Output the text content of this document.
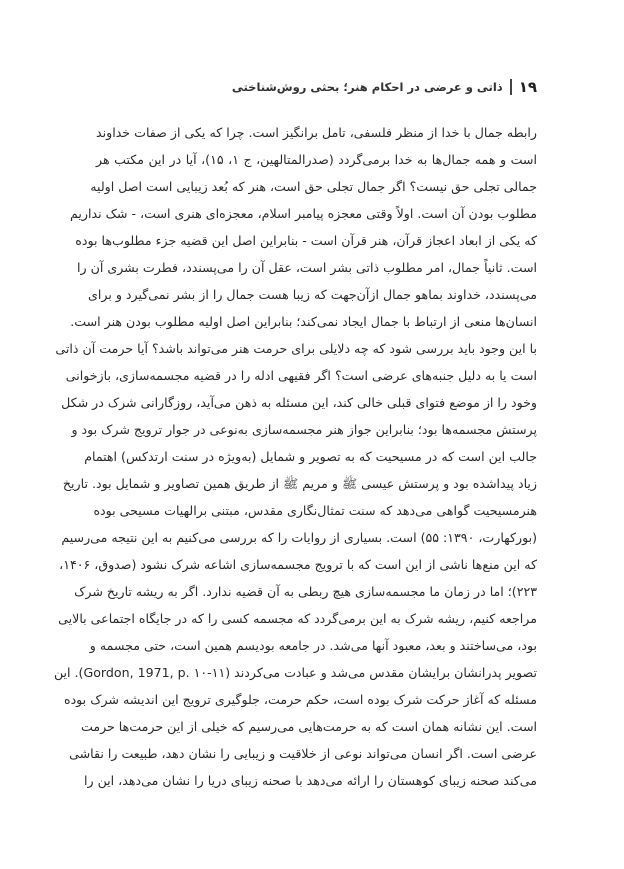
۱۹
ذاتی و عرضی در احکام هنر؛ بحثی روش‌شناختی
رابطه جمال با خدا از منظر فلسفی، تامل برانگیز است. چرا که یکی از صفات خداوند
است و همه جمال‌ها به خدا برمی‌گردد (صدرالمتالهین، ج ۱، ۱۵)، آیا در این مکتب هر
جمالی تجلی حق نیست؟ اگر جمال تجلی حق است، هنر که بُعد زیبایی است اصل اولیه
مطلوب بودن آن است. اولاً وقتی معجزه پیامبر اسلام، معجزه‌ای هنری است، - شک نداریم
که یکی از ابعاد اعجاز قرآن، هنر قرآن است - بنابراین اصل این قضیه جزء مطلوب‌ها بوده
است. ثانیاً جمال، امر مطلوب ذاتی بشر است، عقل آن را می‌پسندد، فطرت بشری آن را
می‌پسندد، خداوند بماهو جمال ازآن‌جهت که زیبا هست جمال را از بشر نمی‌گیرد و برای
انسان‌ها منعی از ارتباط با جمال ایجاد نمی‌کند؛ بنابراین اصل اولیه مطلوب بودن هنر است.
با این وجود باید بررسی شود که چه دلایلی برای حرمت هنر می‌تواند باشد؟ آیا حرمت آن ذاتی
است یا به دلیل جنبه‌های عرضی است؟ اگر فقیهی ادله را در قضیه مجسمه‌سازی، بازخوانی
وخود را از موضع فتوای قبلی خالی کند، این مسئله به ذهن می‌آید، روزگارانی شرک در شکل
پرستش مجسمه‌ها بود؛ بنابراین جواز هنر مجسمه‌سازی به‌نوعی در جوار ترویج شرک بود و
جالب این است که در مسیحیت که به تصویر و شمایل (به‌ویژه در سنت ارتدکس) اهتمام
زیاد پیداشده بود و پرستش عیسی ﷺ و مریم ﷺ از طریق همین تصاویر و شمایل بود. تاریخ
هنرمسیحیت گواهی می‌دهد که سنت تمثال‌نگاری مقدس، مبتنی برالهیات مسیحی بوده
(بورکهارت، ۱۳۹۰: ۵۵) است. بسیاری از روایات را که بررسی می‌کنیم به این نتیجه می‌رسیم
که این منع‌ها ناشی از این است که با ترویج مجسمه‌سازی اشاعه شرک نشود (صدوق، ۱۴۰۶،
۲۲۳)؛ اما در زمان ما مجسمه‌سازی هیچ ربطی به آن قضیه ندارد. اگر به ریشه تاریخ شرک
مراجعه کنیم، ریشه شرک به این برمی‌گردد که مجسمه کسی را که در جایگاه اجتماعی بالایی
بود، می‌ساختند و بعد، معبود آنها می‌شد. در جامعه بودیسم همین است، حتی مجسمه و
تصویر پدرانشان برایشان مقدس می‌شد و عبادت می‌کردند (Gordon, 1971, p. ۱۰-۱۱). این
مسئله که آغاز حرکت شرک بوده است، حکم حرمت، جلوگیری ترویج این اندیشه شرک بوده
است. این نشانه همان است که به حرمت‌هایی می‌رسیم که خیلی از این حرمت‌ها حرمت
عرضی است. اگر انسان می‌تواند نوعی از خلاقیت و زیبایی را نشان دهد، طبیعت را نقاشی
می‌کند صحنه زیبای کوهستان را ارائه می‌دهد با صحنه زیبای دریا را نشان می‌دهد، این را
